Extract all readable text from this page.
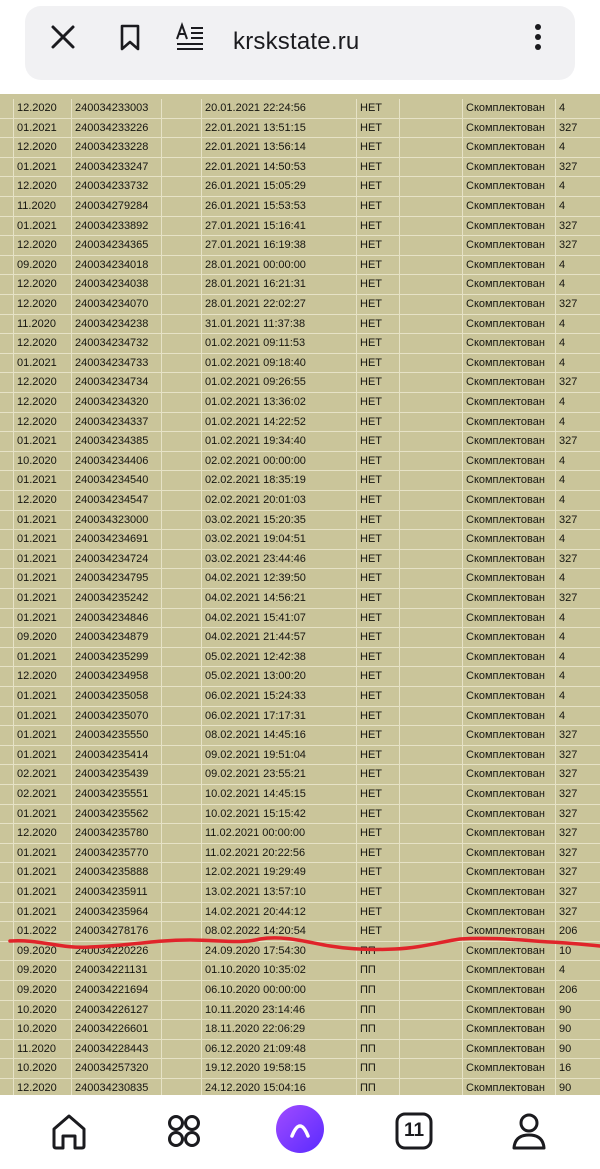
krskstate.ru
12.2020	240034233003	20.01.2021 22:24:56	НЕТ	Скомплектован	4
01.2021	240034233226	22.01.2021 13:51:15	НЕТ	Скомплектован	327
12.2020	240034233228	22.01.2021 13:56:14	НЕТ	Скомплектован	4
01.2021	240034233247	22.01.2021 14:50:53	НЕТ	Скомплектован	327
12.2020	240034233732	26.01.2021 15:05:29	НЕТ	Скомплектован	4
11.2020	240034279284	26.01.2021 15:53:53	НЕТ	Скомплектован	4
01.2021	240034233892	27.01.2021 15:16:41	НЕТ	Скомплектован	327
12.2020	240034234365	27.01.2021 16:19:38	НЕТ	Скомплектован	327
09.2020	240034234018	28.01.2021 00:00:00	НЕТ	Скомплектован	4
12.2020	240034234038	28.01.2021 16:21:31	НЕТ	Скомплектован	4
12.2020	240034234070	28.01.2021 22:02:27	НЕТ	Скомплектован	327
11.2020	240034234238	31.01.2021 11:37:38	НЕТ	Скомплектован	4
12.2020	240034234732	01.02.2021 09:11:53	НЕТ	Скомплектован	4
01.2021	240034234733	01.02.2021 09:18:40	НЕТ	Скомплектован	4
12.2020	240034234734	01.02.2021 09:26:55	НЕТ	Скомплектован	327
12.2020	240034234320	01.02.2021 13:36:02	НЕТ	Скомплектован	4
12.2020	240034234337	01.02.2021 14:22:52	НЕТ	Скомплектован	4
01.2021	240034234385	01.02.2021 19:34:40	НЕТ	Скомплектован	327
10.2020	240034234406	02.02.2021 00:00:00	НЕТ	Скомплектован	4
01.2021	240034234540	02.02.2021 18:35:19	НЕТ	Скомплектован	4
12.2020	240034234547	02.02.2021 20:01:03	НЕТ	Скомплектован	4
01.2021	240034323000	03.02.2021 15:20:35	НЕТ	Скомплектован	327
01.2021	240034234691	03.02.2021 19:04:51	НЕТ	Скомплектован	4
01.2021	240034234724	03.02.2021 23:44:46	НЕТ	Скомплектован	327
01.2021	240034234795	04.02.2021 12:39:50	НЕТ	Скомплектован	4
01.2021	240034235242	04.02.2021 14:56:21	НЕТ	Скомплектован	327
01.2021	240034234846	04.02.2021 15:41:07	НЕТ	Скомплектован	4
09.2020	240034234879	04.02.2021 21:44:57	НЕТ	Скомплектован	4
01.2021	240034235299	05.02.2021 12:42:38	НЕТ	Скомплектован	4
12.2020	240034234958	05.02.2021 13:00:20	НЕТ	Скомплектован	4
01.2021	240034235058	06.02.2021 15:24:33	НЕТ	Скомплектован	4
01.2021	240034235070	06.02.2021 17:17:31	НЕТ	Скомплектован	4
01.2021	240034235550	08.02.2021 14:45:16	НЕТ	Скомплектован	327
01.2021	240034235414	09.02.2021 19:51:04	НЕТ	Скомплектован	327
02.2021	240034235439	09.02.2021 23:55:21	НЕТ	Скомплектован	327
02.2021	240034235551	10.02.2021 14:45:15	НЕТ	Скомплектован	327
01.2021	240034235562	10.02.2021 15:15:42	НЕТ	Скомплектован	327
12.2020	240034235780	11.02.2021 00:00:00	НЕТ	Скомплектован	327
01.2021	240034235770	11.02.2021 20:22:56	НЕТ	Скомплектован	327
01.2021	240034235888	12.02.2021 19:29:49	НЕТ	Скомплектован	327
01.2021	240034235911	13.02.2021 13:57:10	НЕТ	Скомплектован	327
01.2021	240034235964	14.02.2021 20:44:12	НЕТ	Скомплектован	327
01.2022	240034278176	08.02.2022 14:20:54	НЕТ	Скомплектован	206
09.2020	240034220226	24.09.2020 17:54:30	ПП	Скомплектован	10
09.2020	240034221131	01.10.2020 10:35:02	ПП	Скомплектован	4
09.2020	240034221694	06.10.2020 00:00:00	ПП	Скомплектован	206
10.2020	240034226127	10.11.2020 23:14:46	ПП	Скомплектован	90
10.2020	240034226601	18.11.2020 22:06:29	ПП	Скомплектован	90
11.2020	240034228443	06.12.2020 21:09:48	ПП	Скомплектован	90
10.2020	240034257320	19.12.2020 19:58:15	ПП	Скомплектован	16
12.2020	240034230835	24.12.2020 15:04:16	ПП	Скомплектован	90
11
